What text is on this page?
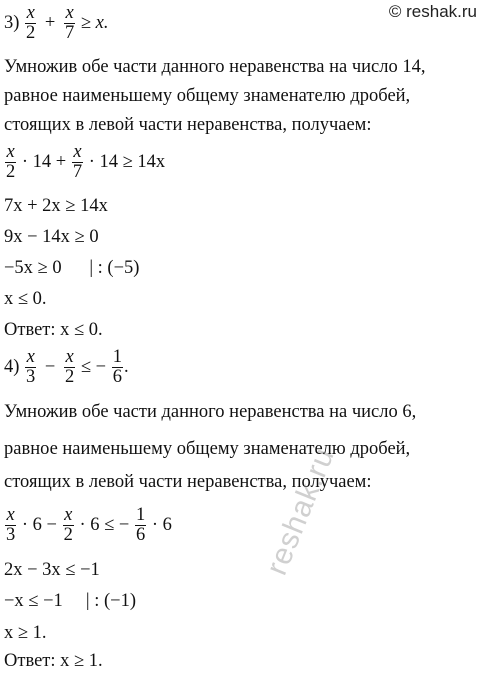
© reshak.ru
$3) \frac{x}{2} + \frac{x}{7} \ge x$.
Умножив обе части данного неравенства на число 14,
равное наименьшему общему знаменателю дробей,
стоящих в левой части неравенства, получаем:
$\frac{x}{2} \cdot 14 + \frac{x}{7} \cdot 14 \ge 14x$
7x + 2x ≥ 14x
9x − 14x ≥ 0
−5x ≥ 0      | : (−5)
x ≤ 0.
Ответ: x ≤ 0.
$4) \frac{x}{3} - \frac{x}{2}$ ≤ − $\frac{1}{6}$ .
Умножив обе части данного неравенства на число 6,
равное наименьшему общему знаменателю дробей,
стоящих в левой части неравенства, получаем:
$\frac{x}{3} \cdot 6 - \frac{x}{2} \cdot 6$ ≤ − $\frac{1}{6} \cdot 6$
2x − 3x ≤ −1
−x ≤ −1     | : (−1)
x ≥ 1.
Ответ: x ≥ 1.
reshak.ru
